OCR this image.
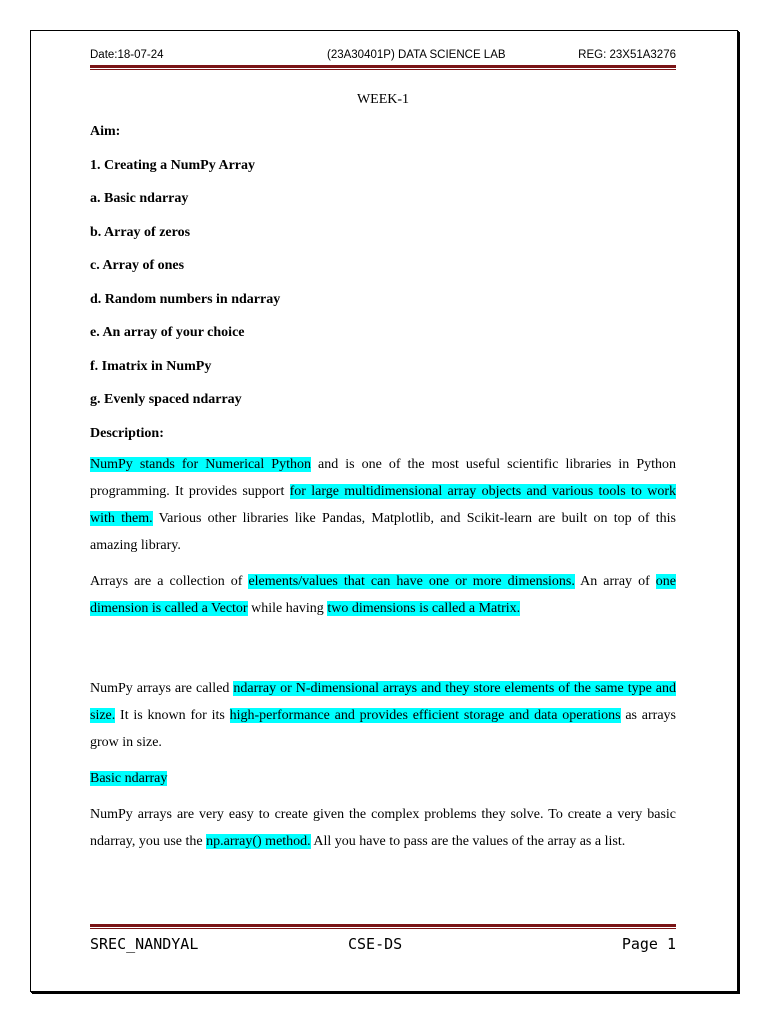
Date:18-07-24	(23A30401P) DATA SCIENCE LAB	REG: 23X51A3276
WEEK-1
Aim:
1. Creating a NumPy Array
a. Basic ndarray
b. Array of zeros
c. Array of ones
d. Random numbers in ndarray
e. An array of your choice
f. Imatrix in NumPy
g. Evenly spaced ndarray
Description:

NumPy stands for Numerical Python and is one of the most useful scientific libraries in Python programming. It provides support for large multidimensional array objects and various tools to work with them. Various other libraries like Pandas, Matplotlib, and Scikit-learn are built on top of this amazing library.

Arrays are a collection of elements/values that can have one or more dimensions. An array of one dimension is called a Vector while having two dimensions is called a Matrix.

NumPy arrays are called ndarray or N-dimensional arrays and they store elements of the same type and size. It is known for its high-performance and provides efficient storage and data operations as arrays grow in size.

Basic ndarray

NumPy arrays are very easy to create given the complex problems they solve. To create a very basic ndarray, you use the np.array() method. All you have to pass are the values of the array as a list.

SREC_NANDYAL	CSE-DS	Page 1
